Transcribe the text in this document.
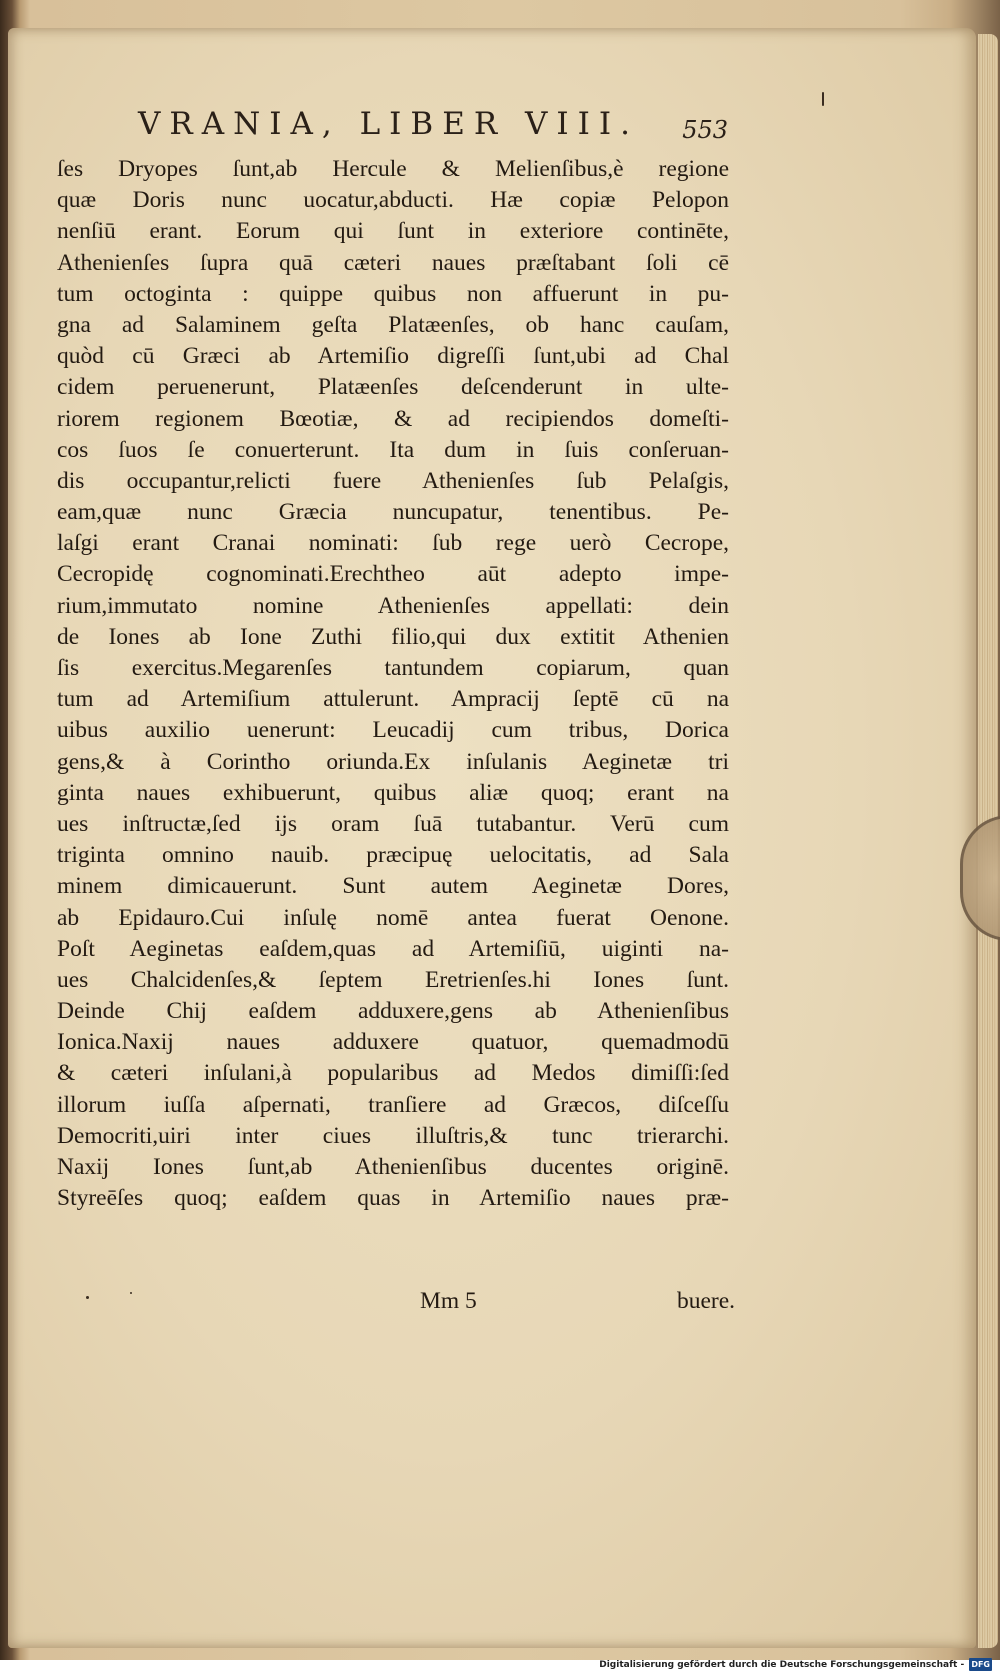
VRANIA, LIBER VIII.	553
ſes Dryopes ſunt,ab Hercule & Melienſibus,è regione
quæ Doris nunc uocatur,abducti. Hæ copiæ Pelopon
nenſiū erant. Eorum qui ſunt in exteriore continēte,
Athenienſes ſupra quā cæteri naues præſtabant ſoli cē
tum octoginta : quippe quibus non affuerunt in pu-
gna ad Salaminem geſta Platæenſes, ob hanc cauſam,
quòd cū Græci ab Artemiſio digreſſi ſunt,ubi ad Chal
cidem peruenerunt, Platæenſes deſcenderunt in ulte-
riorem regionem Bœotiæ, & ad recipiendos domeſti-
cos ſuos ſe conuerterunt. Ita dum in ſuis conſeruan-
dis occupantur,relicti fuere Athenienſes ſub Pelaſgis,
eam,quæ nunc Græcia nuncupatur, tenentibus. Pe-
laſgi erant Cranai nominati: ſub rege uerò Cecrope,
Cecropidę cognominati.Erechtheo aūt adepto impe-
rium,immutato nomine Athenienſes appellati: dein
de Iones ab Ione Zuthi filio,qui dux extitit Athenien
ſis exercitus.Megarenſes tantundem copiarum, quan
tum ad Artemiſium attulerunt. Ampracij ſeptē cū na
uibus auxilio uenerunt: Leucadij cum tribus, Dorica
gens,& à Corintho oriunda.Ex inſulanis Aeginetæ tri
ginta naues exhibuerunt, quibus aliæ quoq; erant na
ues inſtructæ,ſed ijs oram ſuā tutabantur. Verū cum
triginta omnino nauib. præcipuę uelocitatis, ad Sala
minem dimicauerunt. Sunt autem Aeginetæ Dores,
ab Epidauro.Cui inſulę nomē antea fuerat Oenone.
Poſt Aeginetas eaſdem,quas ad Artemiſiū, uiginti na-
ues Chalcidenſes,& ſeptem Eretrienſes.hi Iones ſunt.
Deinde Chij eaſdem adduxere,gens ab Athenienſibus
Ionica.Naxij naues adduxere quatuor, quemadmodū
& cæteri inſulani,à popularibus ad Medos dimiſſi:ſed
illorum iuſſa aſpernati, tranſiere ad Græcos, diſceſſu
Democriti,uiri inter ciues illuſtris,& tunc trierarchi.
Naxij Iones ſunt,ab Athenienſibus ducentes originē.
Styreēſes quoq; eaſdem quas in Artemiſio naues præ-
Mm 5	buere.
Digitalisierung gefördert durch die Deutsche Forschungsgemeinschaft - DFG
